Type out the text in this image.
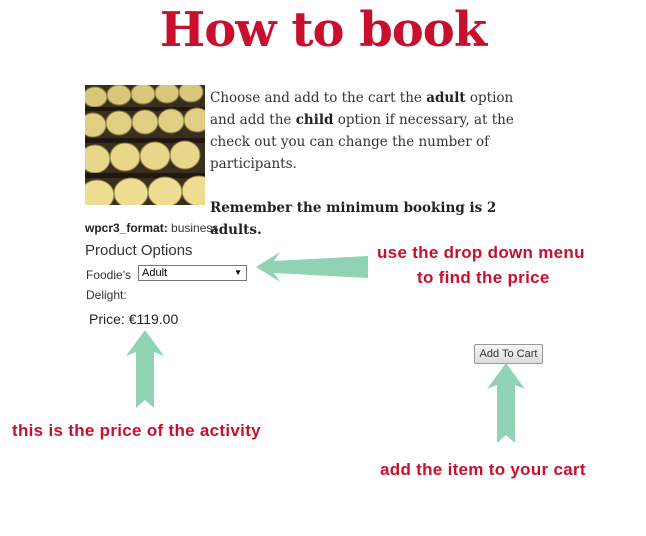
How to book
Choose and add to the cart the adult option and add the child option if necessary, at the check out you can change the number of participants.
Remember the minimum booking is 2 adults.
wpcr3_format: business
Product Options
Foodie's Delight:
Adult	▼
Price: €119.00
Add To Cart
use the drop down menu
to find the price
this is the price of the activity
add the item to your cart
